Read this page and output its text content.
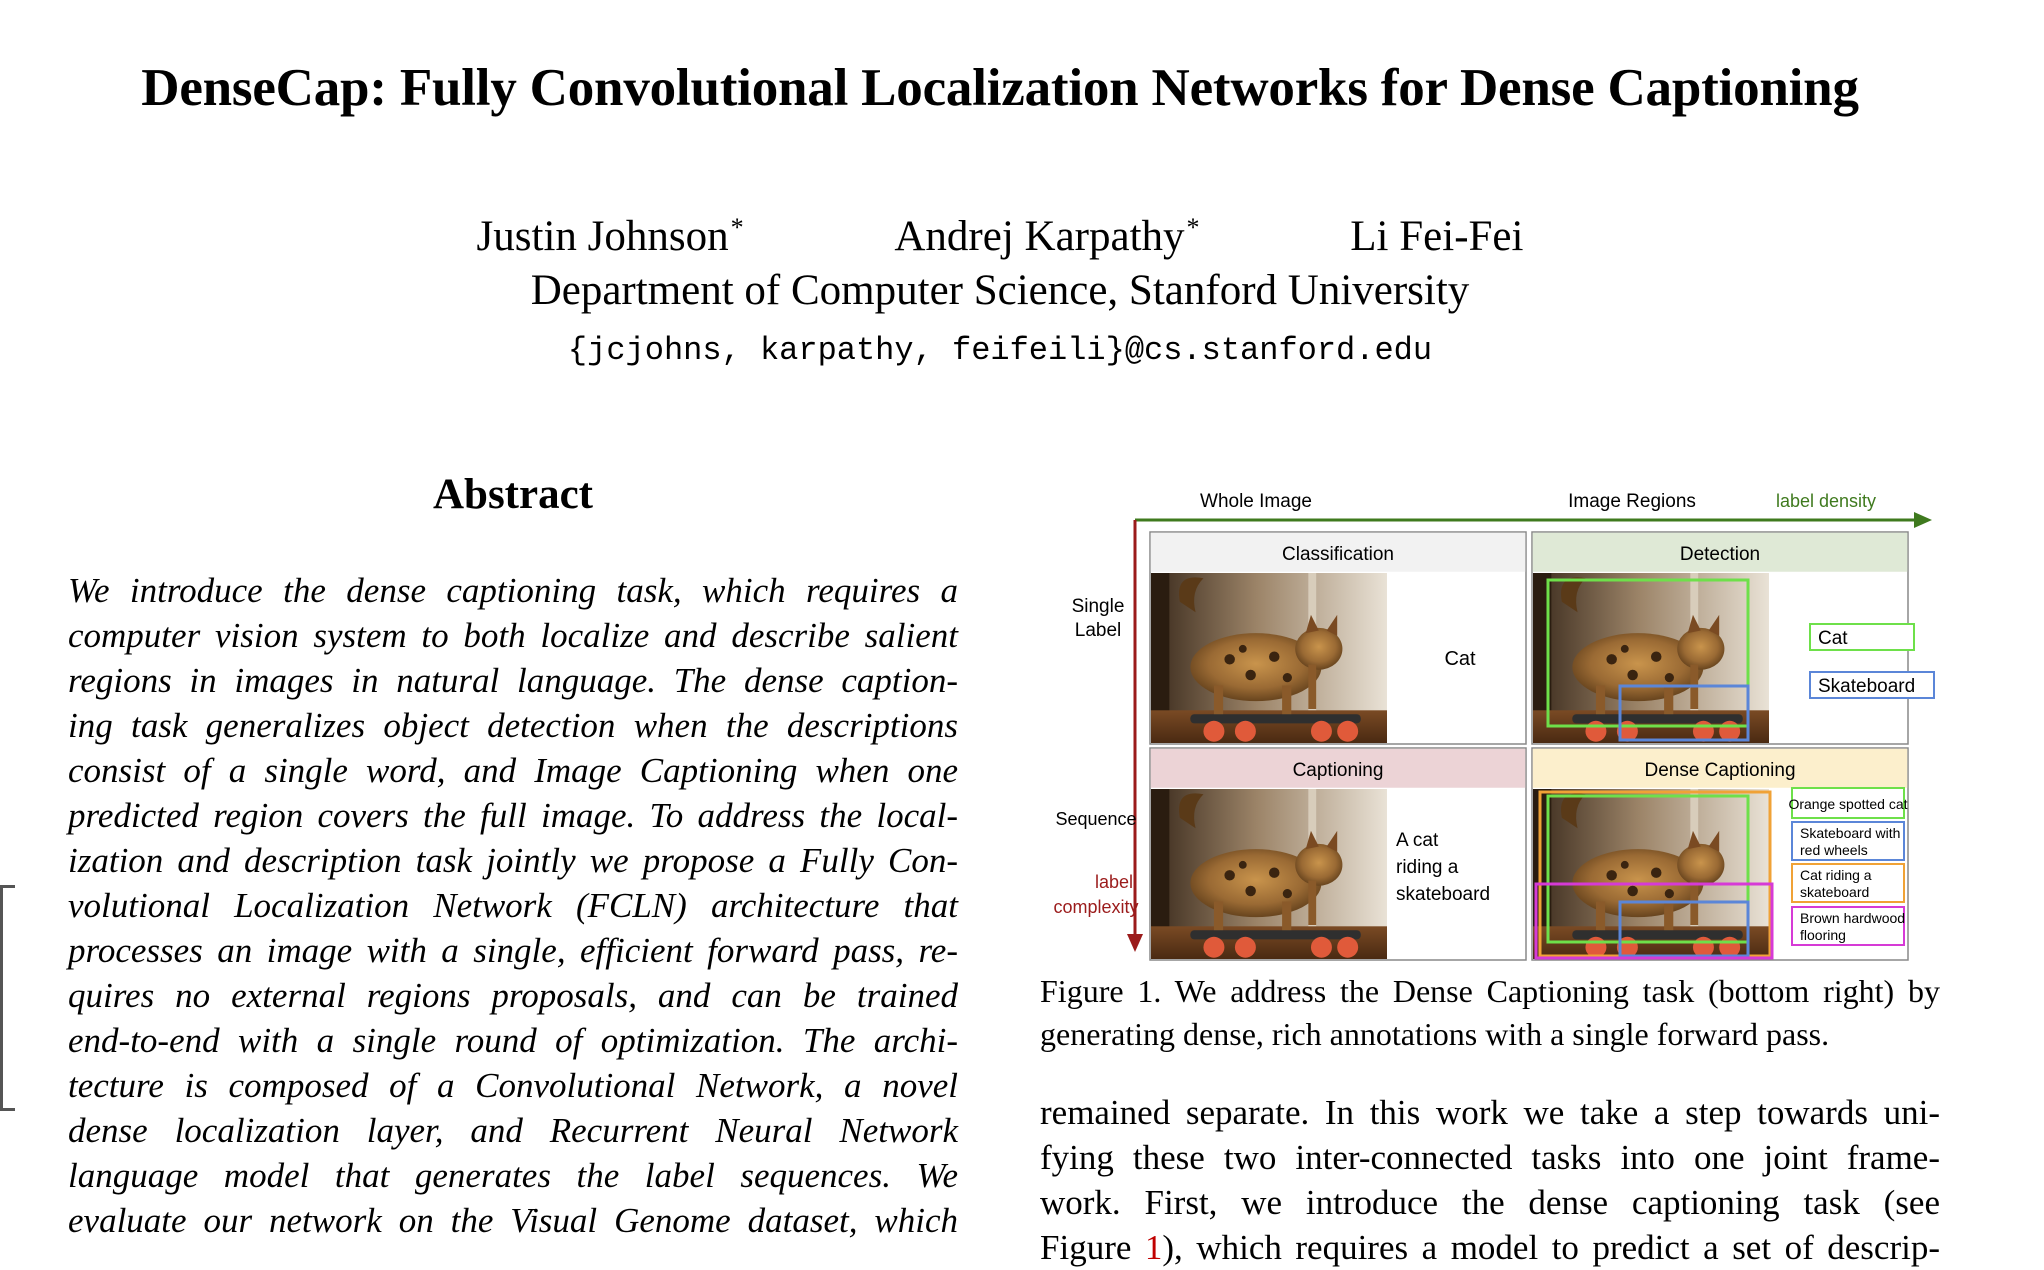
DenseCap: Fully Convolutional Localization Networks for Dense Captioning
Justin Johnson*	Andrej Karpathy*	Li Fei-Fei
Department of Computer Science, Stanford University
{jcjohns, karpathy, feifeili}@cs.stanford.edu
Abstract
We introduce the dense captioning task, which requires a
computer vision system to both localize and describe salient
regions in images in natural language. The dense caption-
ing task generalizes object detection when the descriptions
consist of a single word, and Image Captioning when one
predicted region covers the full image. To address the local-
ization and description task jointly we propose a Fully Con-
volutional Localization Network (FCLN) architecture that
processes an image with a single, efficient forward pass, re-
quires no external regions proposals, and can be trained
end-to-end with a single round of optimization. The archi-
tecture is composed of a Convolutional Network, a novel
dense localization layer, and Recurrent Neural Network
language model that generates the label sequences. We
evaluate our network on the Visual Genome dataset, which
Whole Image	Image Regions	label density
Single
Label
Sequence
label
complexity
Classification
Cat
Detection
Cat
Skateboard
Captioning
A cat
riding a
skateboard
Dense Captioning
Orange spotted cat
Skateboard with
red wheels
Cat riding a
skateboard
Brown hardwood
flooring
Figure 1. We address the Dense Captioning task (bottom right) by
generating dense, rich annotations with a single forward pass.
remained separate. In this work we take a step towards uni-
fying these two inter-connected tasks into one joint frame-
work. First, we introduce the dense captioning task (see
Figure 1), which requires a model to predict a set of descrip-
